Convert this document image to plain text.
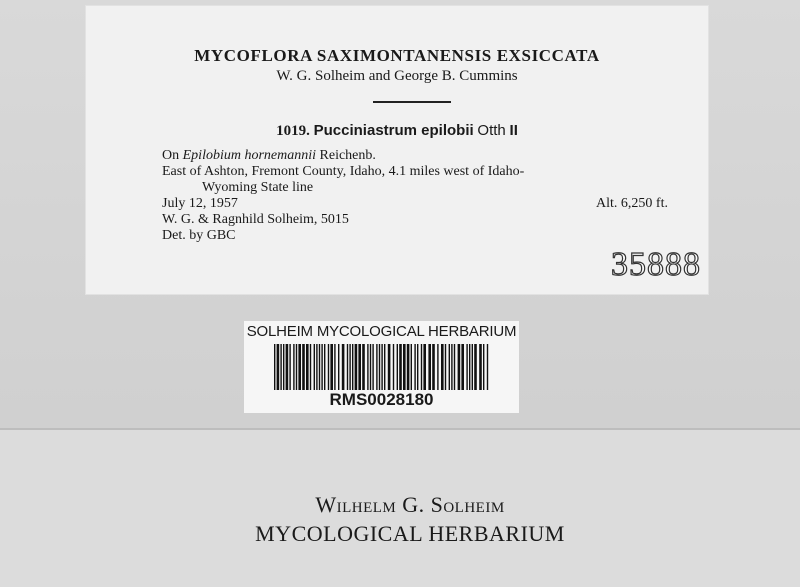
MYCOFLORA SAXIMONTANENSIS EXSICCATA
W. G. Solheim and George B. Cummins
1019. Pucciniastrum epilobii Otth II
On Epilobium hornemannii Reichenb.
East of Ashton, Fremont County, Idaho, 4.1 miles west of Idaho-
Wyoming State line
July 12, 1957	Alt. 6,250 ft.
W. G. & Ragnhild Solheim, 5015
Det. by GBC
35888
SOLHEIM MYCOLOGICAL HERBARIUM
RMS0028180
Wilhelm G. Solheim
MYCOLOGICAL HERBARIUM
